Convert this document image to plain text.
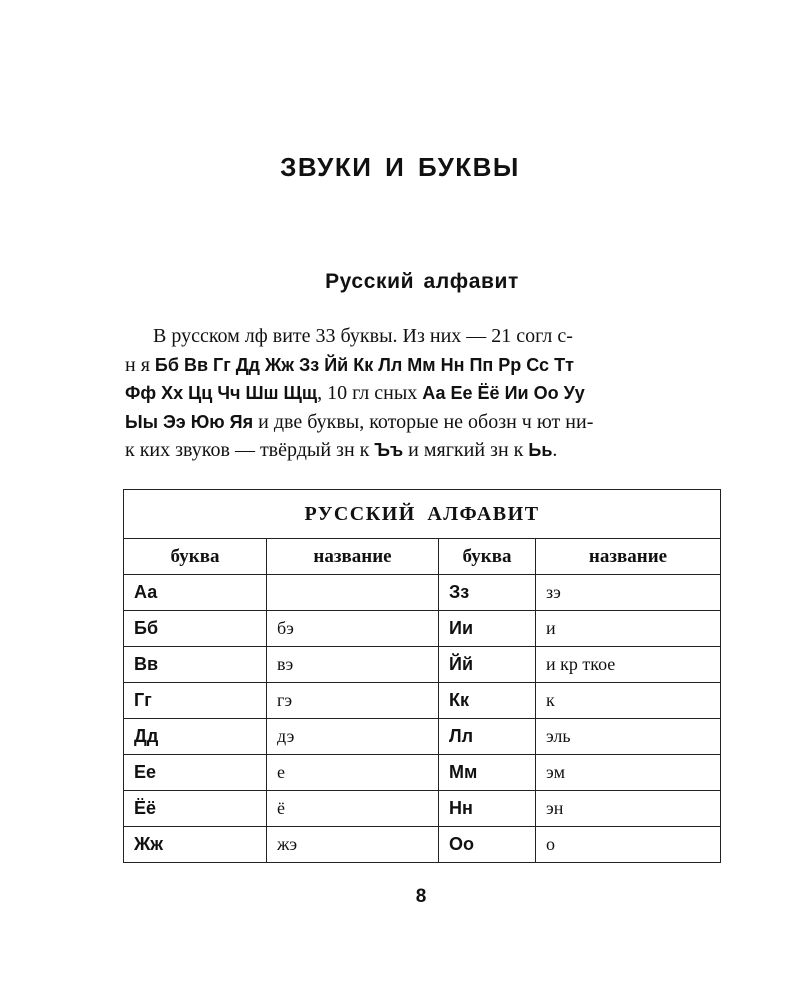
ЗВУКИ И БУКВЫ
Русский алфавит
В русском лф вите 33 буквы. Из них — 21 согл с-
н я Бб Вв Гг Дд Жж Зз Йй Кк Лл Мм Нн Пп Рр Сс Тт
Фф Хх Цц Чч Шш Щщ, 10 гл сных Аа Ее Ёё Ии Оо Уу
Ыы Ээ Юю Яя и две буквы, которые не обозн ч ют ни-
к ких звуков — твёрдый зн к Ъъ и мягкий зн к Ьь.
РУССКИЙ АЛФАВИТ			
буква	название	буква	название
Аа		Зз	зэ
Бб	бэ	Ии	и
Вв	вэ	Йй	и кр ткое
Гг	гэ	Кк	к
Дд	дэ	Лл	эль
Ее	е	Мм	эм
Ёё	ё	Нн	эн
Жж	жэ	Оо	о
8
